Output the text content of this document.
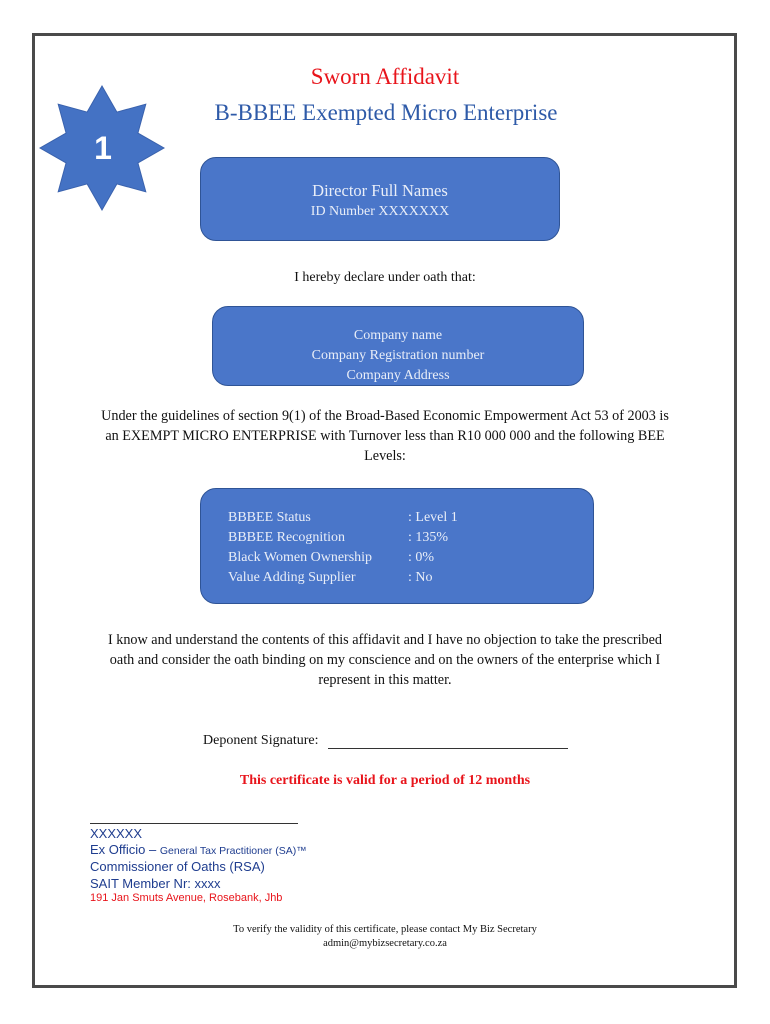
1
Sworn Affidavit
B-BBEE Exempted Micro Enterprise
Director Full Names
ID Number XXXXXXX
I hereby declare under oath that:
Company name
Company Registration number
Company Address
Under the guidelines of section 9(1) of the Broad-Based Economic Empowerment Act 53 of 2003 is an EXEMPT MICRO ENTERPRISE with Turnover less than R10 000 000 and the following BEE Levels:
BBBEE Status	: Level 1
BBBEE Recognition	: 135%
Black Women Ownership	: 0%
Value Adding Supplier	: No
I know and understand the contents of this affidavit and I have no objection to take the prescribed oath and consider the oath binding on my conscience and on the owners of the enterprise which I represent in this matter.
Deponent Signature:
This certificate is valid for a period of 12 months
XXXXXX
Ex Officio – General Tax Practitioner (SA)™
Commissioner of Oaths (RSA)
SAIT Member Nr: xxxx
191 Jan Smuts Avenue, Rosebank, Jhb
To verify the validity of this certificate, please contact My Biz Secretary
admin@mybizsecretary.co.za
